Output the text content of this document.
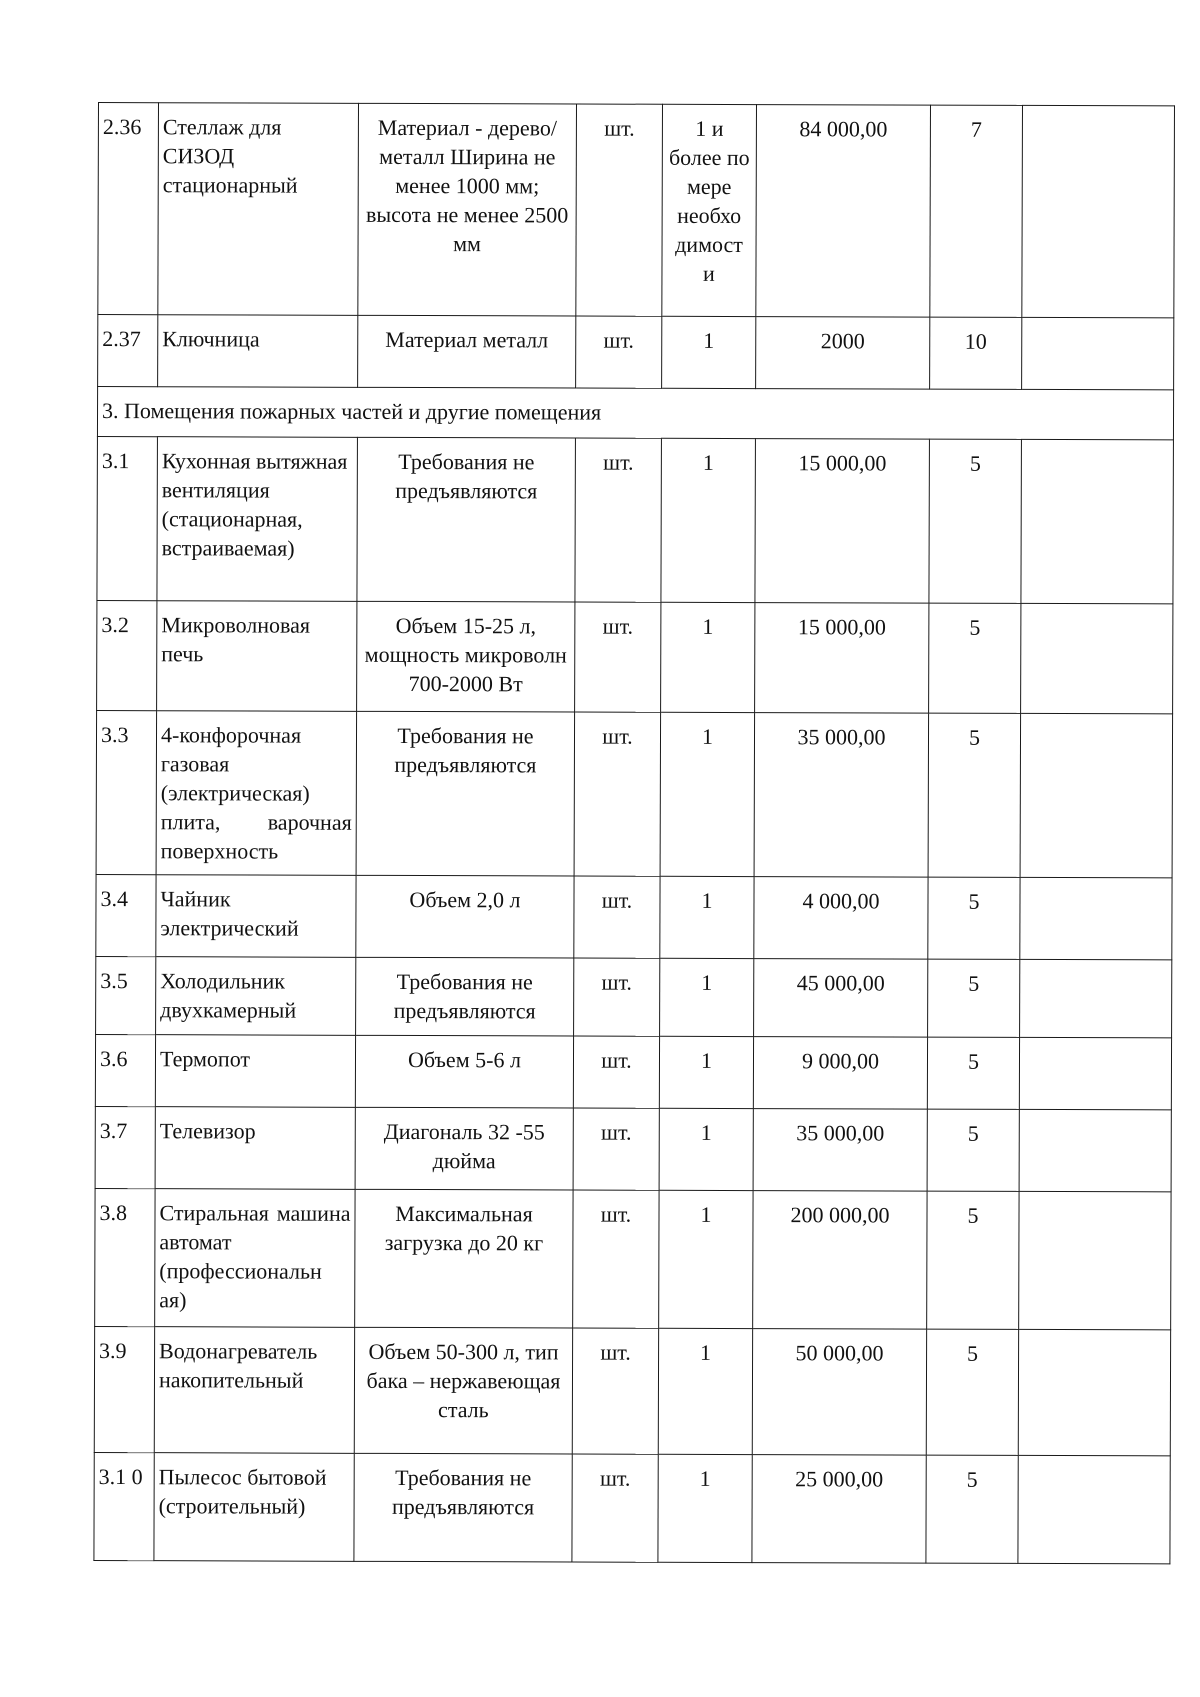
2.36	Стеллаж для СИЗОД стационарный	Материал - дерево/металл Ширина не менее 1000 мм; высота не менее 2500 мм	шт.	1 и более по мере необхо димост и	84 000,00	7	
2.37	Ключница	Материал металл	шт.	1	2000	10	
3. Помещения пожарных частей и другие помещения							
3.1	Кухонная вытяжная вентиляция (стационарная, встраиваемая)	Требования не предъявляются	шт.	1	15 000,00	5	
3.2	Микроволновая печь	Объем 15-25 л, мощность микроволн 700-2000 Вт	шт.	1	15 000,00	5	
3.3	4-конфорочная газовая (электрическая) плита, варочная поверхность	Требования не предъявляются	шт.	1	35 000,00	5	
3.4	Чайник электрический	Объем 2,0 л	шт.	1	4 000,00	5	
3.5	Холодильник двухкамерный	Требования не предъявляются	шт.	1	45 000,00	5	
3.6	Термопот	Объем 5-6 л	шт.	1	9 000,00	5	
3.7	Телевизор	Диагональ 32 -55 дюйма	шт.	1	35 000,00	5	
3.8	Стиральная машина автомат (профессиональн ая)	Максимальная загрузка до 20 кг	шт.	1	200 000,00	5	
3.9	Водонагреватель накопительный	Объем 50-300 л, тип бака – нержавеющая сталь	шт.	1	50 000,00	5	
3.1 0	Пылесос бытовой (строительный)	Требования не предъявляются	шт.	1	25 000,00	5	
